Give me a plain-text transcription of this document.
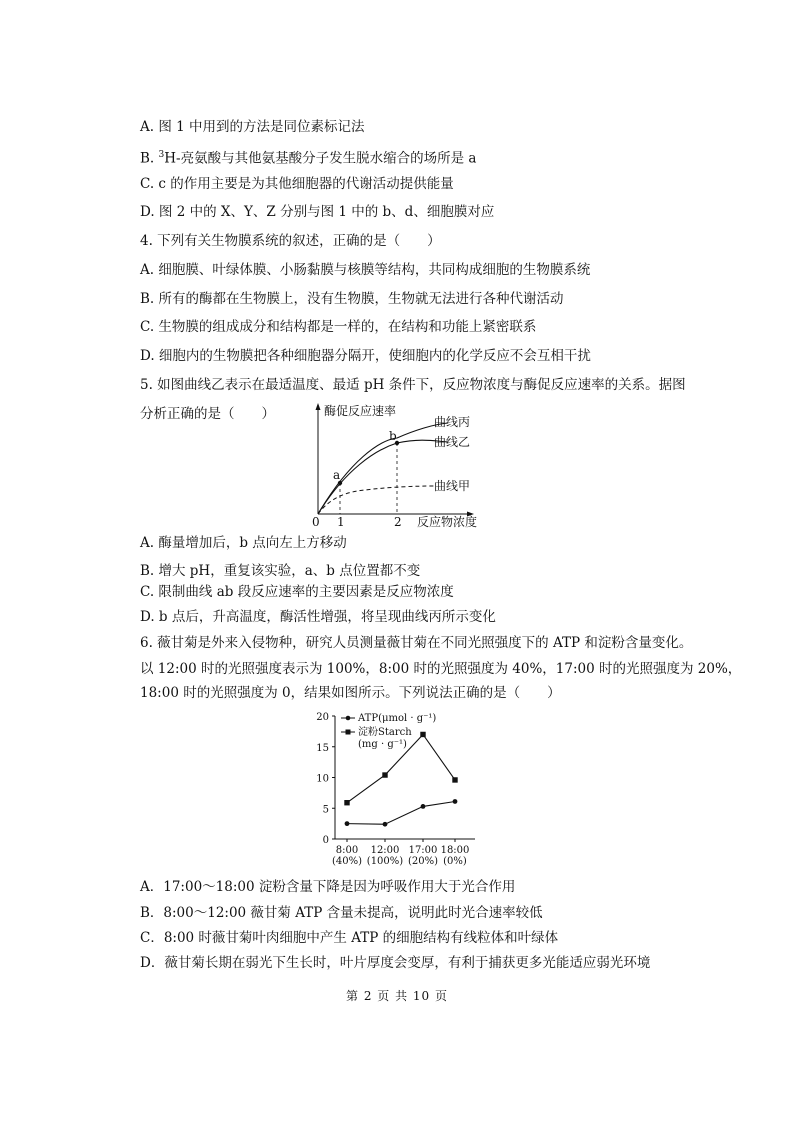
A. 图 1 中用到的方法是同位素标记法
B. $^3$H-亮氨酸与其他氨基酸分子发生脱水缩合的场所是 a
C. c 的作用主要是为其他细胞器的代谢活动提供能量
D. 图 2 中的 X、Y、Z 分别与图 1 中的 b、d、细胞膜对应
4. 下列有关生物膜系统的叙述，正确的是（　　）
A. 细胞膜、叶绿体膜、小肠黏膜与核膜等结构，共同构成细胞的生物膜系统
B. 所有的酶都在生物膜上，没有生物膜，生物就无法进行各种代谢活动
C. 生物膜的组成成分和结构都是一样的，在结构和功能上紧密联系
D. 细胞内的生物膜把各种细胞器分隔开，使细胞内的化学反应不会互相干扰
5. 如图曲线乙表示在最适温度、最适 pH 条件下，反应物浓度与酶促反应速率的关系。据图
分析正确的是（　　）	酶促反应速率
反应物浓度
0 1	2
a
b
曲线丙
曲线乙
曲线甲
A. 酶量增加后，b 点向左上方移动
B. 增大 pH，重复该实验，a、b 点位置都不变
C. 限制曲线 ab 段反应速率的主要因素是反应物浓度
D. b 点后，升高温度，酶活性增强，将呈现曲线丙所示变化
6. 薇甘菊是外来入侵物种，研究人员测量薇甘菊在不同光照强度下的 ATP 和淀粉含量变化。
以 12:00 时的光照强度表示为 100%，8:00 时的光照强度为 40%，17:00 时的光照强度为 20%，
18:00 时的光照强度为 0，结果如图所示。下列说法正确的是（　　）
0
5
10
15
20
8:00
(40%)
12:00
(100%)
17:00
(20%)
18:00
(0%)
ATP(μmol · g⁻¹)
淀粉Starch
(mg · g⁻¹)
A．17:00～18:00 淀粉含量下降是因为呼吸作用大于光合作用
B．8:00～12:00 薇甘菊 ATP 含量未提高，说明此时光合速率较低
C．8:00 时薇甘菊叶肉细胞中产生 ATP 的细胞结构有线粒体和叶绿体
D．薇甘菊长期在弱光下生长时，叶片厚度会变厚，有利于捕获更多光能适应弱光环境
第 2 页 共 10 页
